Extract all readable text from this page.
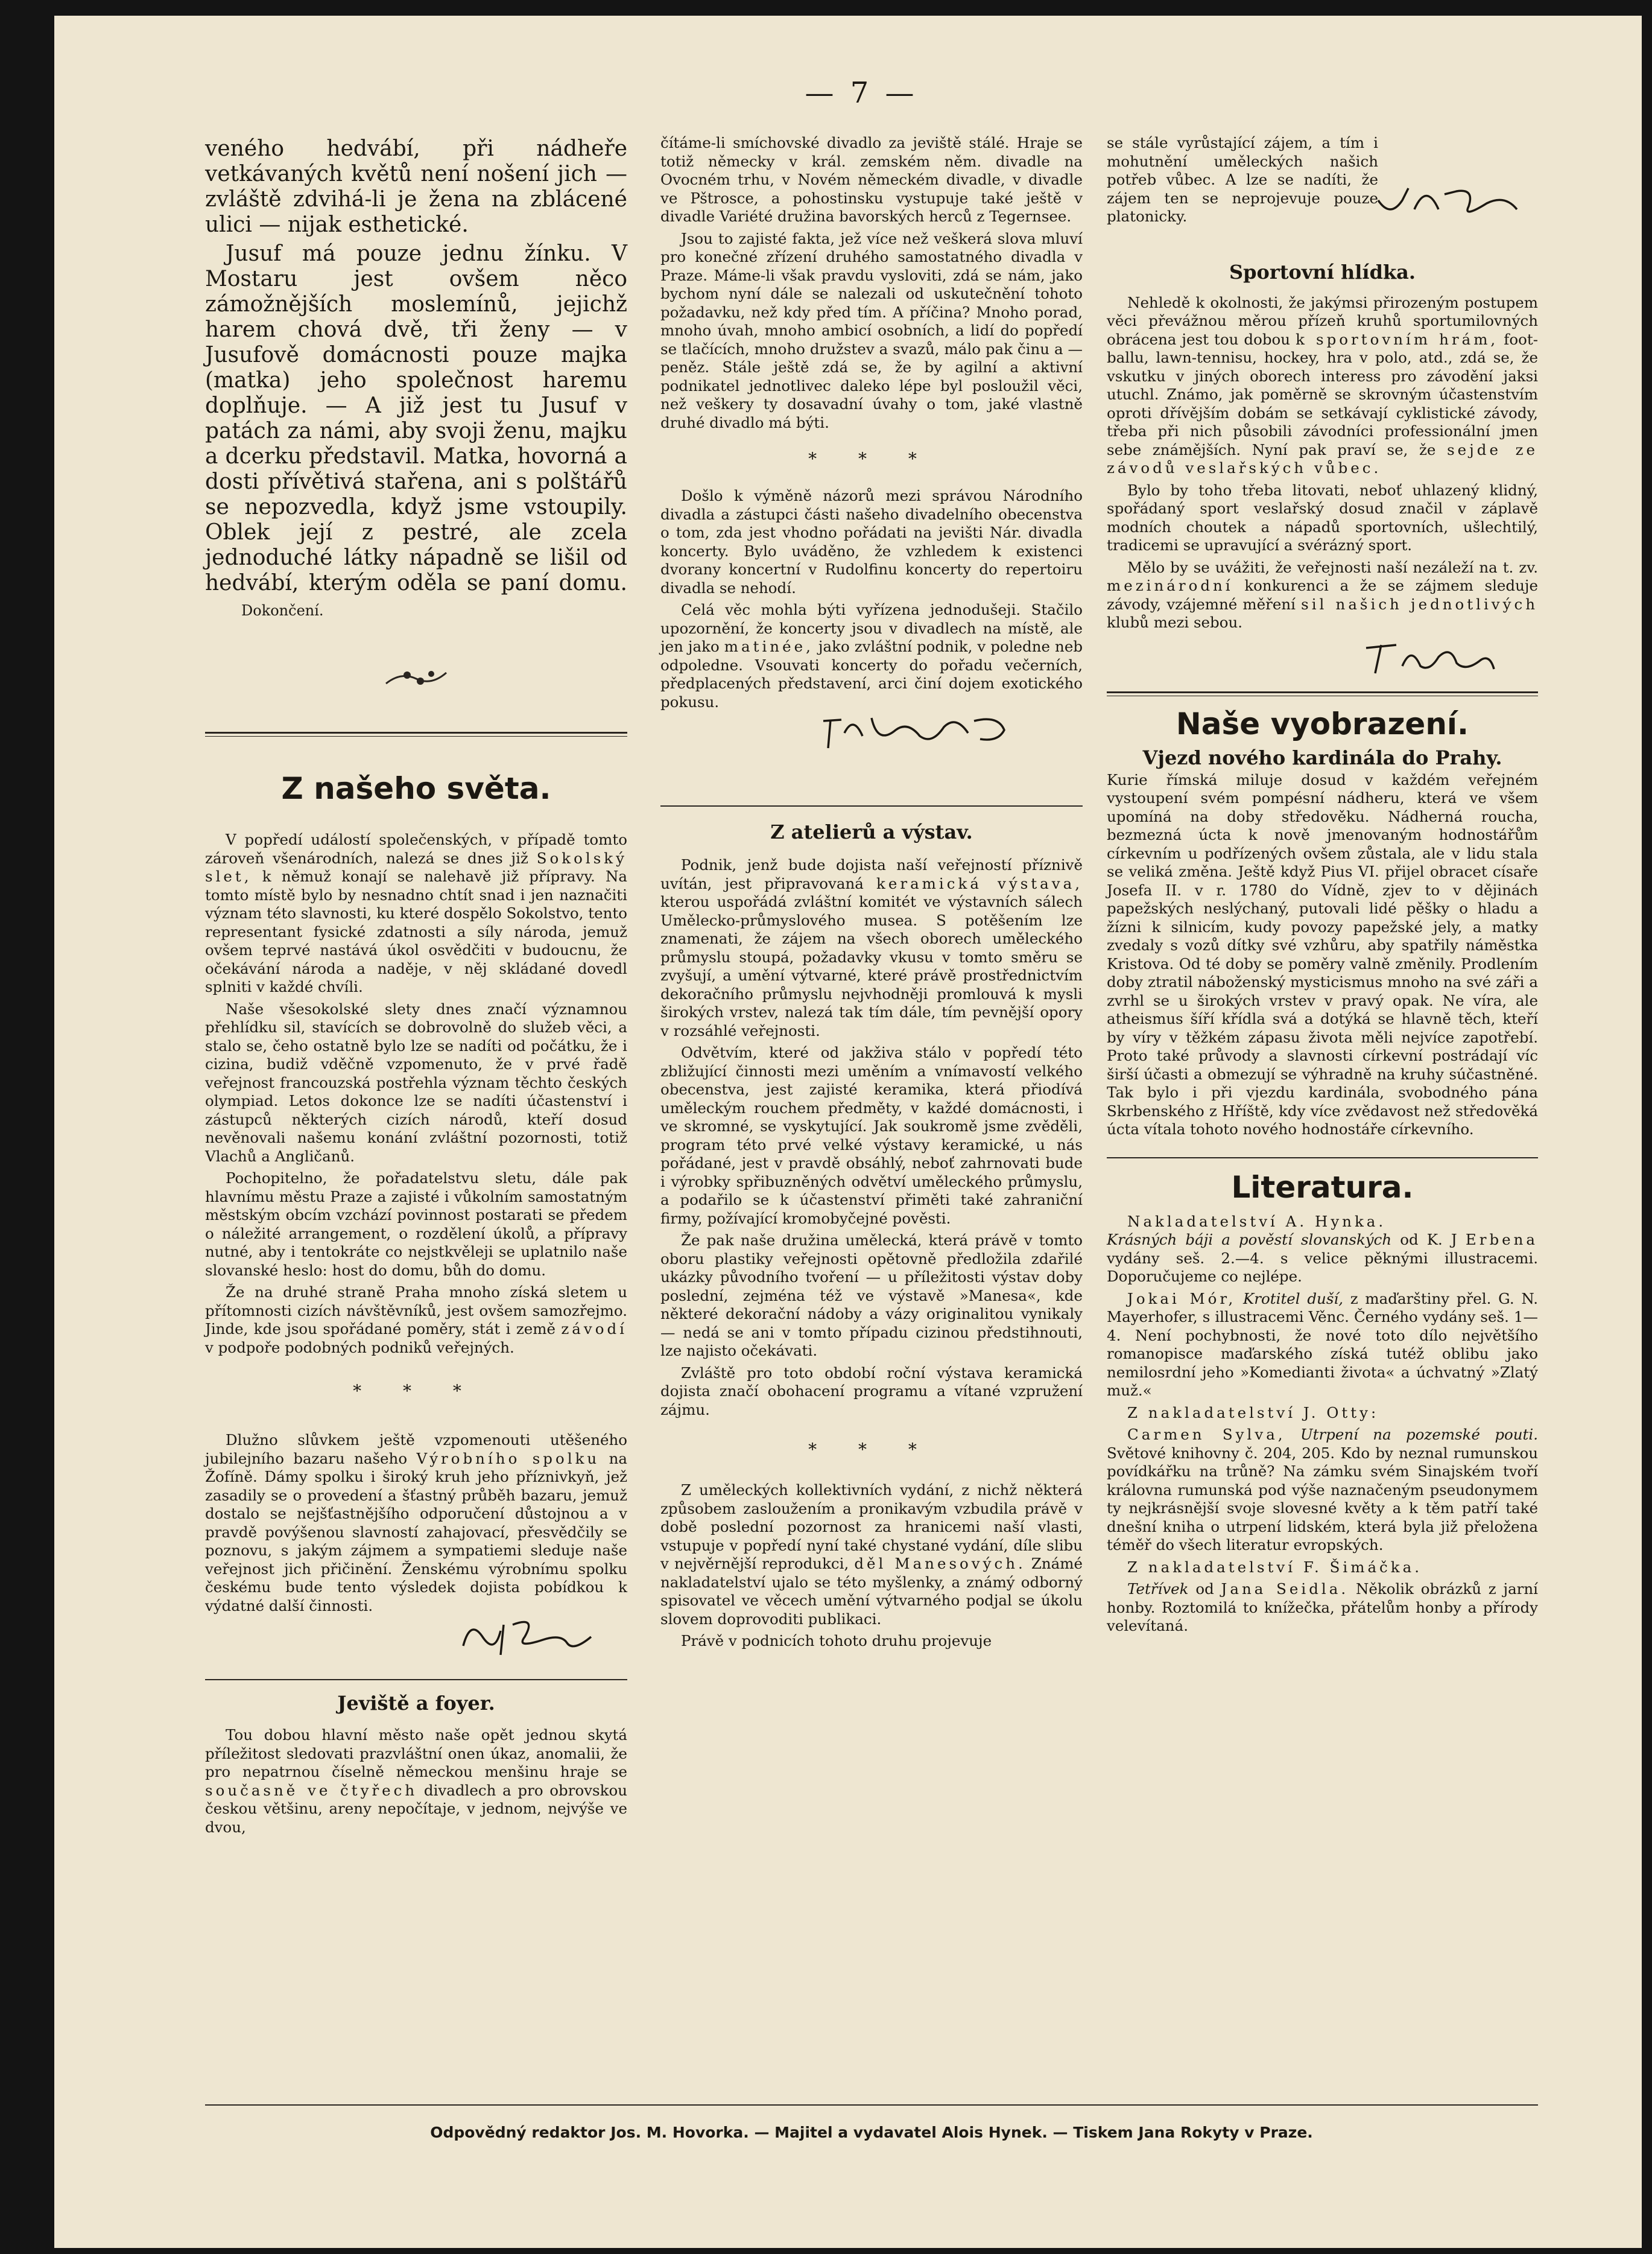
— 7 —

veného hedvábí, při nádheře vetkávaných květů není nošení jich — zvláště zdvihá-li je žena na zblácené ulici — nijak esthetické.

Jusuf má pouze jednu žínku. V Mostaru jest ovšem něco zámožnějších moslemínů, jejichž harem chová dvě, tři ženy — v Jusufově domácnosti pouze majka (matka) jeho společnost haremu doplňuje. — A již jest tu Jusuf v patách za námi, aby svoji ženu, majku a dcerku představil. Matka, hovorná a dosti přívětivá stařena, ani s polštářů se nepozvedla, když jsme vstoupily. Oblek její z pestré, ale zcela jednoduché látky nápadně se lišil od hedvábí, kterým oděla se paní domu. Dokončení.

Z našeho světa.

V popředí událostí společenských, v případě tomto zároveň všenárodních, nalezá se dnes již Sokolský slet, k němuž konají se nalehavě již přípravy. Na tomto místě bylo by nesnadno chtít snad i jen naznačiti význam této slavnosti, ku které dospělo Sokolstvo, tento representant fysické zdatnosti a síly národa, jemuž ovšem teprvé nastává úkol osvědčiti v budoucnu, že očekávání národa a naděje, v něj skládané dovedl splniti v každé chvíli.

Naše všesokolské slety dnes značí významnou přehlídku sil, stavících se dobrovolně do služeb věci, a stalo se, čeho ostatně bylo lze se nadíti od počátku, že i cizina, budiž vděčně vzpomenuto, že v prvé řadě veřejnost francouzská postřehla význam těchto českých olympiad. Letos dokonce lze se nadíti účastenství i zástupců některých cizích národů, kteří dosud nevěnovali našemu konání zvláštní pozornosti, totiž Vlachů a Angličanů.

Pochopitelno, že pořadatelstvu sletu, dále pak hlavnímu městu Praze a zajisté i vůkolním samostatným městským obcím vzchází povinnost postarati se předem o náležité arrangement, o rozdělení úkolů, a přípravy nutné, aby i tentokráte co nejstkvěleji se uplatnilo naše slovanské heslo: host do domu, bůh do domu.

Že na druhé straně Praha mnoho získá sletem u přítomnosti cizích návštěvníků, jest ovšem samozřejmo. Jinde, kde jsou spořádané poměry, stát i země závodí v podpoře podobných podniků veřejných.

* * *

Dlužno slůvkem ještě vzpomenouti utěšeného jubilejního bazaru našeho Výrobního spolku na Žofíně. Dámy spolku i široký kruh jeho příznivkyň, jež zasadily se o provedení a šťastný průběh bazaru, jemuž dostalo se nejšťastnějšího odporučení důstojnou a v pravdě povýšenou slavností zahajovací, přesvědčily se poznovu, s jakým zájmem a sympatiemi sleduje naše veřejnost jich přičinění. Ženskému výrobnímu spolku českému bude tento výsledek dojista pobídkou k výdatné další činnosti.

Jeviště a foyer.

Tou dobou hlavní město naše opět jednou skytá příležitost sledovati prazvláštní onen úkaz, anomalii, že pro nepatrnou číselně německou menšinu hraje se současně ve čtyřech divadlech a pro obrovskou českou většinu, areny nepočítaje, v jednom, nejvýše ve dvou,

čítáme-li smíchovské divadlo za jeviště stálé. Hraje se totiž německy v král. zemském něm. divadle na Ovocném trhu, v Novém německém divadle, v divadle ve Pštrosce, a pohostinsku vystupuje také ještě v divadle Variété družina bavorských herců z Tegernsee.

Jsou to zajisté fakta, jež více než veškerá slova mluví pro konečné zřízení druhého samostatného divadla v Praze. Máme-li však pravdu vysloviti, zdá se nám, jako bychom nyní dále se nalezali od uskutečnění tohoto požadavku, než kdy před tím. A příčina? Mnoho porad, mnoho úvah, mnoho ambicí osobních, a lidí do popředí se tlačících, mnoho družstev a svazů, málo pak činu a — peněz. Stále ještě zdá se, že by agilní a aktivní podnikatel jednotlivec daleko lépe byl posloužil věci, než veškery ty dosavadní úvahy o tom, jaké vlastně druhé divadlo má býti.

* * *

Došlo k výměně názorů mezi správou Národního divadla a zástupci části našeho divadelního obecenstva o tom, zda jest vhodno pořádati na jevišti Nár. divadla koncerty. Bylo uváděno, že vzhledem k existenci dvorany koncertní v Rudolfinu koncerty do repertoiru divadla se nehodí.

Celá věc mohla býti vyřízena jednodušeji. Stačilo upozornění, že koncerty jsou v divadlech na místě, ale jen jako matinée, jako zvláštní podnik, v poledne neb odpoledne. Vsouvati koncerty do pořadu večerních, předplacených představení, arci činí dojem exotického pokusu.

Z atelierů a výstav.

Podnik, jenž bude dojista naší veřejností příznivě uvítán, jest připravovaná keramická výstava, kterou uspořádá zvláštní komitét ve výstavních sálech Umělecko-průmyslového musea. S potěšením lze znamenati, že zájem na všech oborech uměleckého průmyslu stoupá, požadavky vkusu v tomto směru se zvyšují, a umění výtvarné, které právě prostřednictvím dekoračního průmyslu nejvhodněji promlouvá k mysli širokých vrstev, nalezá tak tím dále, tím pevnější opory v rozsáhlé veřejnosti.

Odvětvím, které od jakživa stálo v popředí této zbližující činnosti mezi uměním a vnímavostí velkého obecenstva, jest zajisté keramika, která přiodívá uměleckým rouchem předměty, v každé domácnosti, i ve skromné, se vyskytující. Jak soukromě jsme zvěděli, program této prvé velké výstavy keramické, u nás pořádané, jest v pravdě obsáhlý, neboť zahrnovati bude i výrobky spřibuzněných odvětví uměleckého průmyslu, a podařilo se k účastenství přiměti také zahraniční firmy, požívající kromobyčejné pověsti.

Že pak naše družina umělecká, která právě v tomto oboru plastiky veřejnosti opětovně předložila zdařilé ukázky původního tvoření — u příležitosti výstav doby poslední, zejména též ve výstavě »Manesa«, kde některé dekorační nádoby a vázy originalitou vynikaly — nedá se ani v tomto případu cizinou předstihnouti, lze najisto očekávati.

Zvláště pro toto období roční výstava keramická dojista značí obohacení programu a vítané vzpružení zájmu.

* * *

Z uměleckých kollektivních vydání, z nichž některá způsobem zasloužením a pronikavým vzbudila právě v době poslední pozornost za hranicemi naší vlasti, vstupuje v popředí nyní také chystané vydání, díle slibu v nejvěrnější reprodukci, děl Manesových. Známé nakladatelství ujalo se této myšlenky, a známý odborný spisovatel ve věcech umění výtvarného podjal se úkolu slovem doprovoditi publikaci.

Právě v podnicích tohoto druhu projevuje

se stále vyrůstající zájem, a tím i mohutnění uměleckých našich potřeb vůbec. A lze se nadíti, že zájem ten se neprojevuje pouze platonicky.

Sportovní hlídka.

Nehledě k okolnosti, že jakýmsi přirozeným postupem věci převážnou měrou přízeň kruhů sportumilovných obrácena jest tou dobou k sportovním hrám, foot-ballu, lawn-tennisu, hockey, hra v polo, atd., zdá se, že vskutku v jiných oborech interess pro závodění jaksi utuchl. Známo, jak poměrně se skrovným účastenstvím oproti dřívějším dobám se setkávají cyklistické závody, třeba při nich působili závodníci professionální jmen sebe známějších. Nyní pak praví se, že sejde ze závodů veslařských vůbec.

Bylo by toho třeba litovati, neboť uhlazený klidný, spořádaný sport veslařský dosud značil v záplavě modních choutek a nápadů sportovních, ušlechtilý, tradicemi se upravující a svérázný sport.

Mělo by se uvážiti, že veřejnosti naší nezáleží na t. zv. mezinárodní konkurenci a že se zájmem sleduje závody, vzájemné měření sil našich jednotlivých klubů mezi sebou.

Naše vyobrazení.
Vjezd nového kardinála do Prahy.

Kurie římská miluje dosud v každém veřejném vystoupení svém pompésní nádheru, která ve všem upomíná na doby středověku. Nádherná roucha, bezmezná úcta k nově jmenovaným hodnostářům církevním u podřízených ovšem zůstala, ale v lidu stala se veliká změna. Ještě když Pius VI. přijel obracet císaře Josefa II. v r. 1780 do Vídně, zjev to v dějinách papežských neslýchaný, putovali lidé pěšky o hladu a žízni k silnicím, kudy povozy papežské jely, a matky zvedaly s vozů dítky své vzhůru, aby spatřily náměstka Kristova. Od té doby se poměry valně změnily. Prodlením doby ztratil náboženský mysticismus mnoho na své záři a zvrhl se u širokých vrstev v pravý opak. Ne víra, ale atheismus šíří křídla svá a dotýká se hlavně těch, kteří by víry v těžkém zápasu života měli nejvíce zapotřebí. Proto také průvody a slavnosti církevní postrádají víc širší účasti a obmezují se výhradně na kruhy súčastněné. Tak bylo i při vjezdu kardinála, svobodného pána Skrbenského z Hříště, kdy více zvědavost než středověká úcta vítala tohoto nového hodnostáře církevního.

Literatura.

Nakladatelství A. Hynka.
Krásných báji a pověstí slovanských od K. J Erbena vydány seš. 2.—4. s velice pěknými illustracemi. Doporučujeme co nejlépe.

Jokai Mór, Krotitel duší, z maďarštiny přel. G. N. Mayerhofer, s illustracemi Věnc. Černého vydány seš. 1—4. Není pochybnosti, že nové toto dílo největšího romanopisce maďarského získá tutéž oblibu jako nemilosrdní jeho »Komedianti života« a úchvatný »Zlatý muž.«

Z nakladatelství J. Otty:

Carmen Sylva, Utrpení na pozemské pouti. Světové knihovny č. 204, 205. Kdo by neznal rumunskou povídkářku na trůně? Na zámku svém Sinajském tvoří královna rumunská pod výše naznačeným pseudonymem ty nejkrásnější svoje slovesné květy a k těm patří také dnešní kniha o utrpení lidském, která byla již přeložena téměř do všech literatur evropských.

Z nakladatelství F. Šimáčka.

Tetřívek od Jana Seidla. Několik obrázků z jarní honby. Roztomilá to knížečka, přátelům honby a přírody velevítaná.

Odpovědný redaktor Jos. M. Hovorka. — Majitel a vydavatel Alois Hynek. — Tiskem Jana Rokyty v Praze.
